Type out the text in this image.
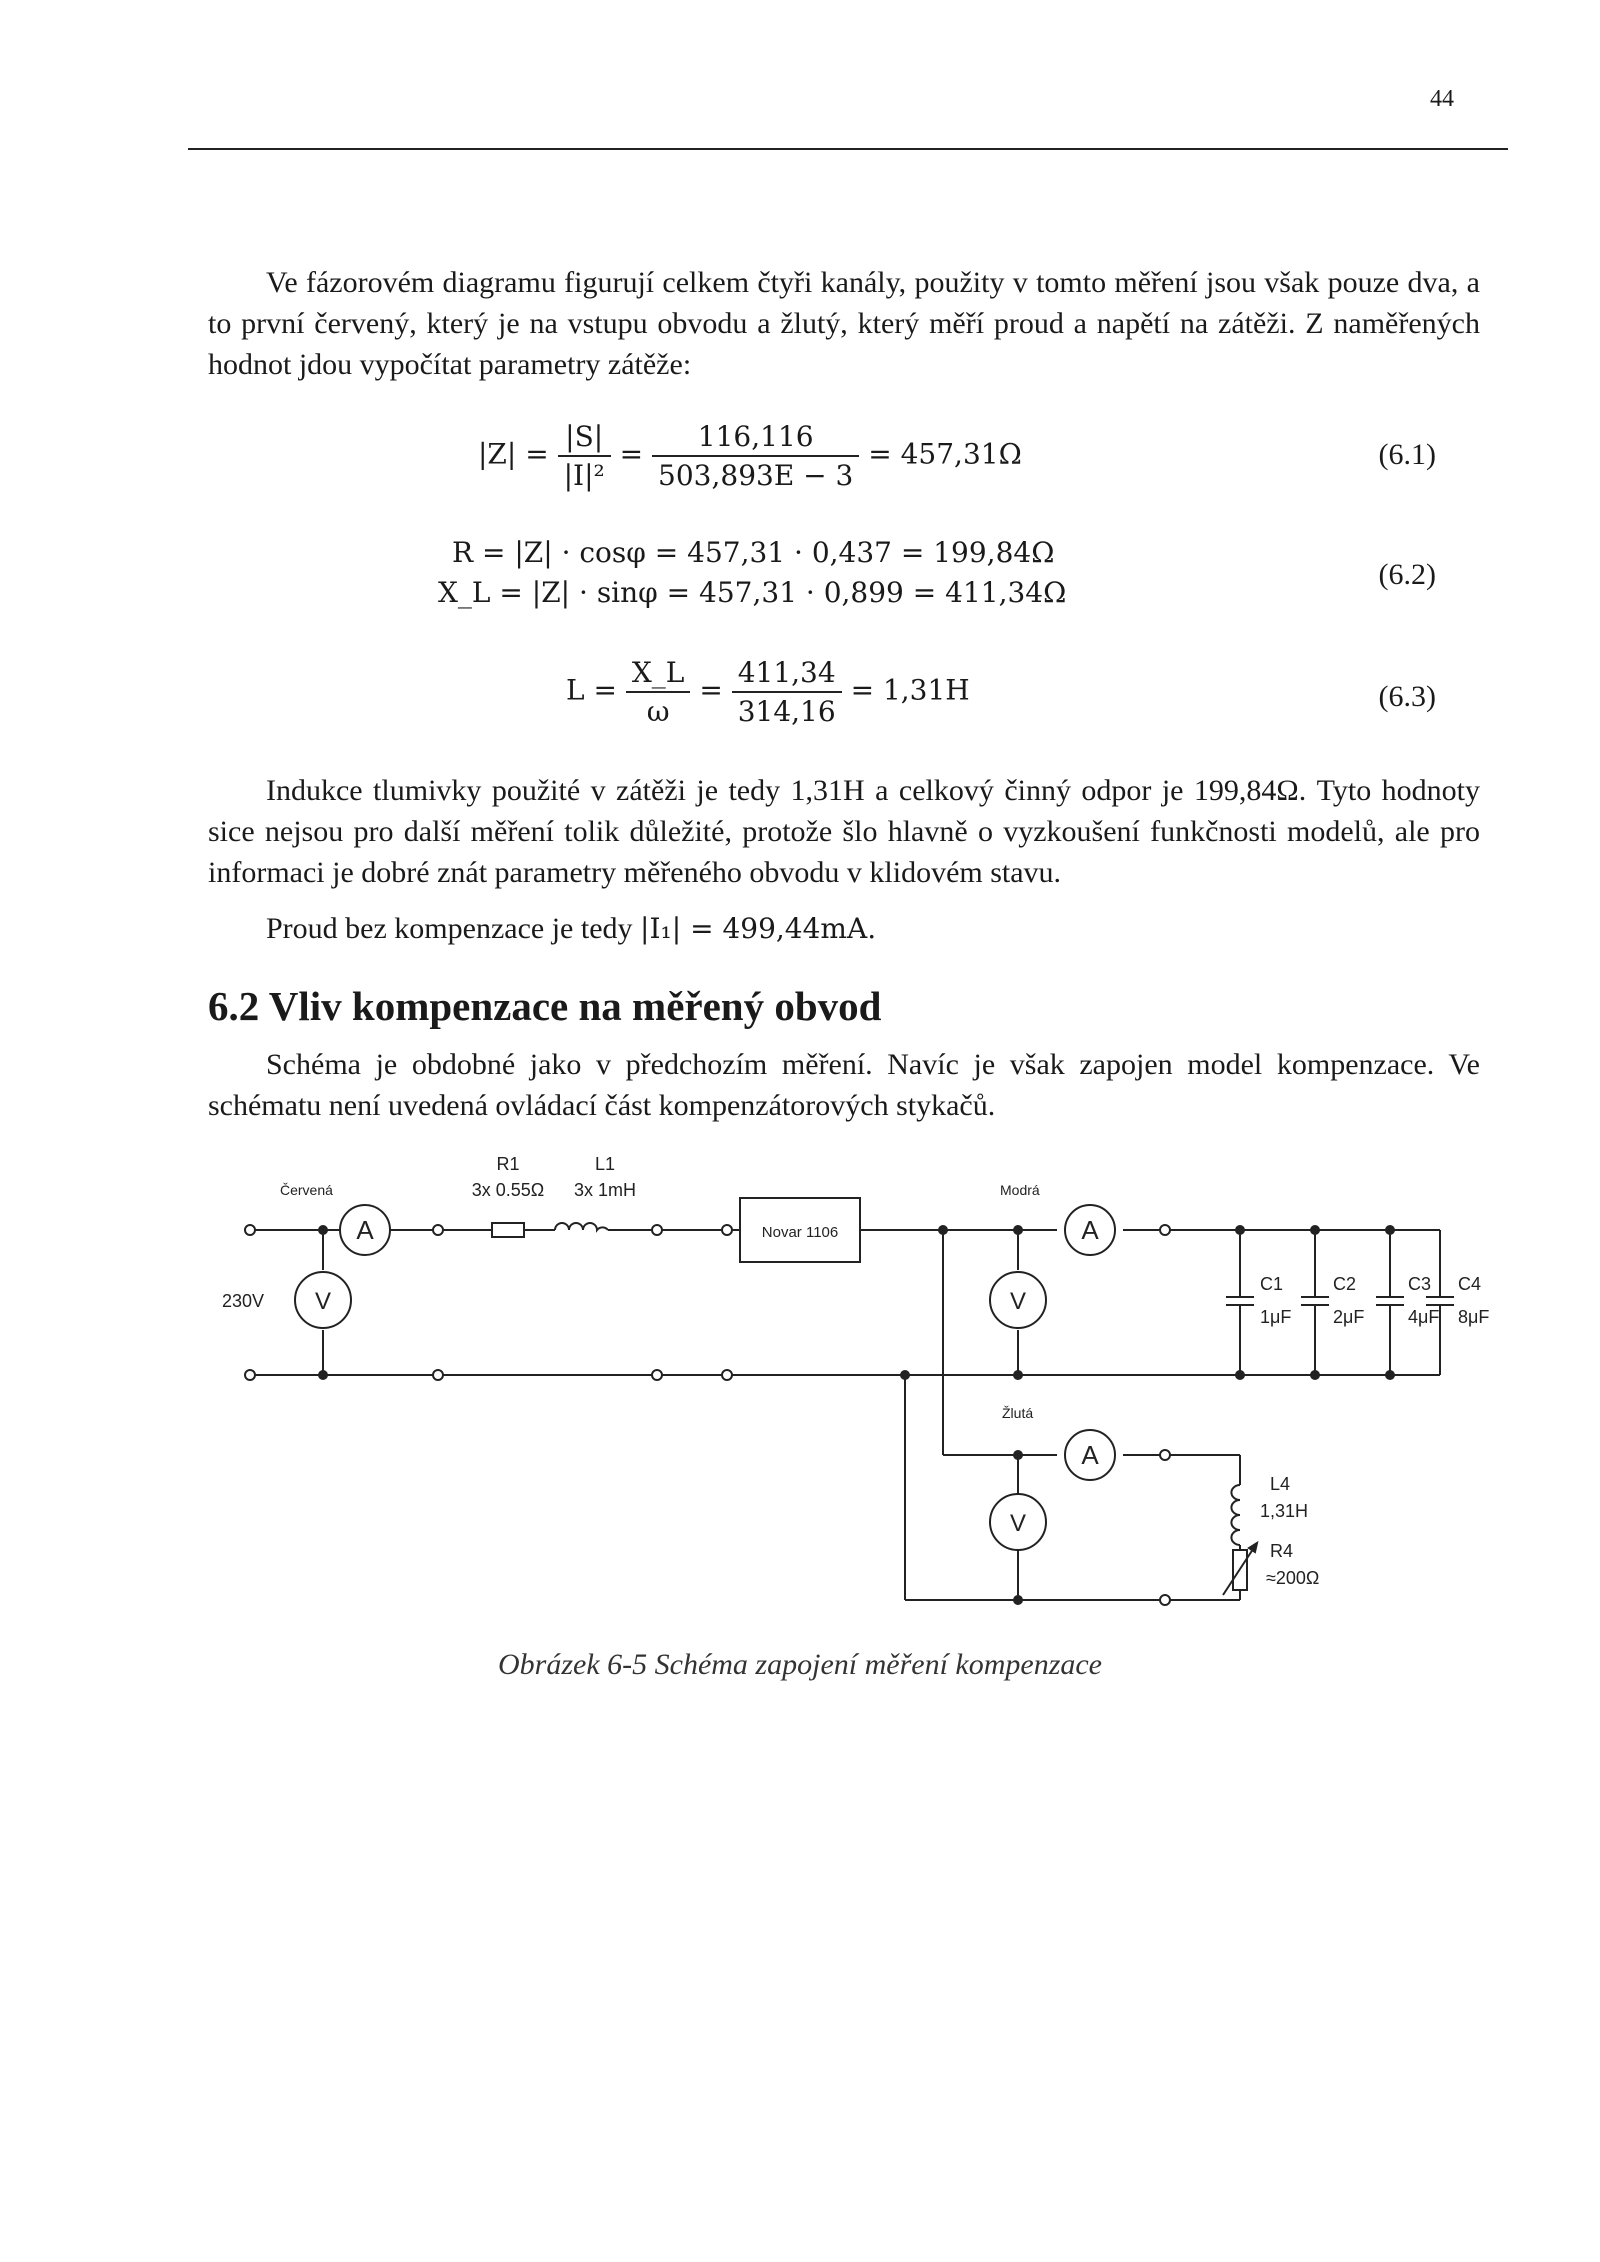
44

Ve fázorovém diagramu figurují celkem čtyři kanály, použity v tomto měření jsou však pouze dva, a to první červený, který je na vstupu obvodu a žlutý, který měří proud a napětí na zátěži. Z naměřených hodnot jdou vypočítat parametry zátěže:

$|Z| = \frac{|S|}{\text{|I|²}} = \frac{116,116}{503,893E - 3} = 457,31\Omega$	(6.1)
R = |Z| · cosφ = 457,31 · 0,437 = 199,84Ω
X_L = |Z| · sinφ = 457,31 · 0,899 = 411,34Ω
(6.2)
$L = \frac{X\_L}{\omega} = \frac{411,34}{314,16} = 1,31H$	(6.3)

Indukce tlumivky použité v zátěži je tedy 1,31H a celkový činný odpor je 199,84Ω. Tyto hodnoty sice nejsou pro další měření tolik důležité, protože šlo hlavně o vyzkoušení funkčnosti modelů, ale pro informaci je dobré znát parametry měřeného obvodu v klidovém stavu.

Proud bez kompenzace je tedy |I₁| = 499,44mA.

6.2 Vliv kompenzace na měřený obvod

Schéma je obdobné jako v předchozím měření. Navíc je však zapojen model kompenzace. Ve schématu není uvedená ovládací část kompenzátorových stykačů.

Červená
230V
A
V
R1
3x 0.55Ω
L1
3x 1mH
Novar 1106
Modrá
A
V
C1
1μF
C2
2μF
C3
4μF
C4
8μF
Žlutá
A
V
L4
1,31H
R4
≈200Ω
Obrázek 6-5 Schéma zapojení měření kompenzace
